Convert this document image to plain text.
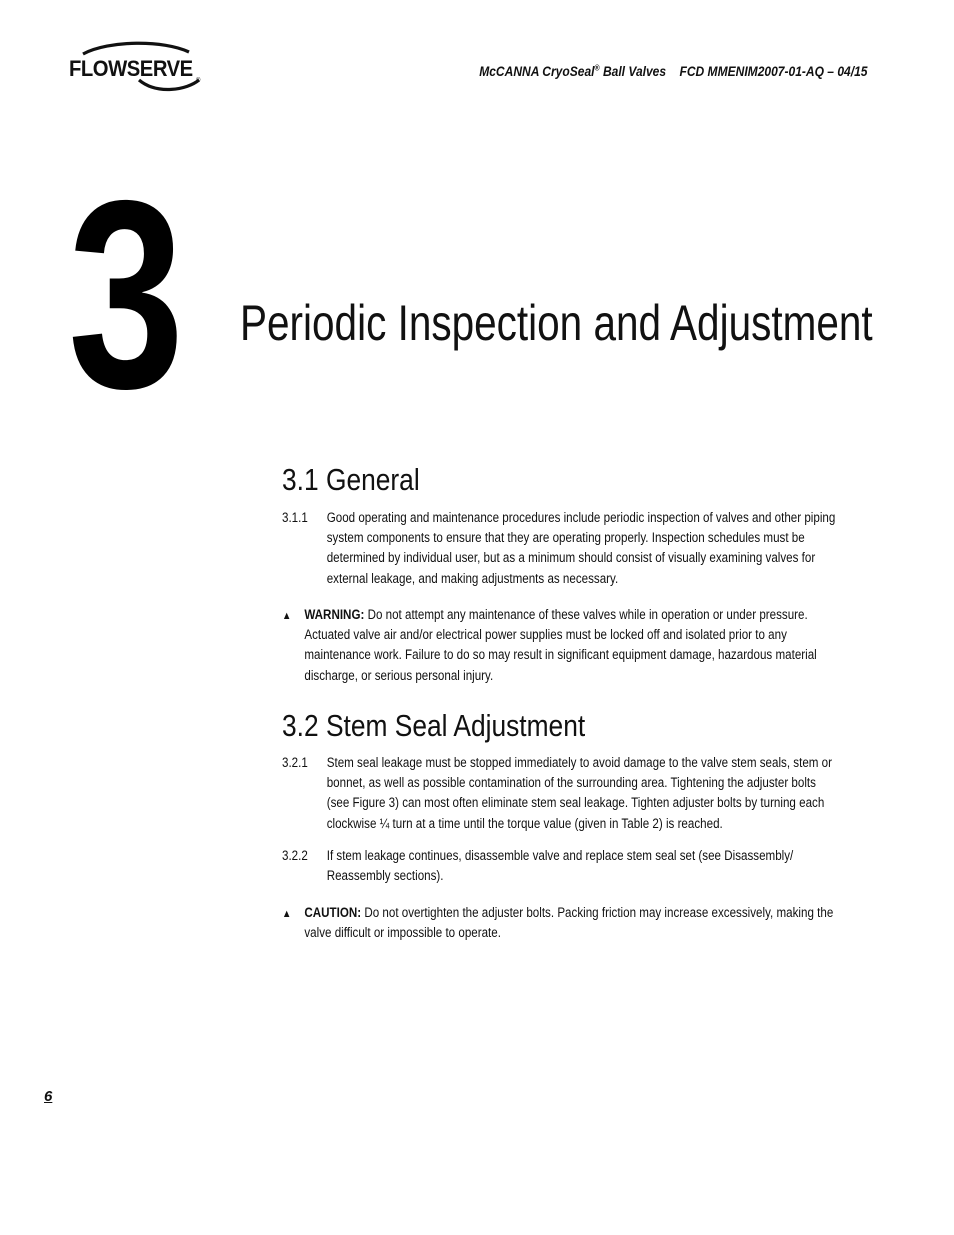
FLOWSERVE ®
McCANNA CryoSeal® Ball Valves    FCD MMENIM2007-01-AQ – 04/15
3 Periodic Inspection and Adjustment
3.1 General
3.1.1 Good operating and maintenance procedures include periodic inspection of valves and other piping system components to ensure that they are operating properly. Inspection schedules must be determined by individual user, but as a minimum should consist of visually examining valves for external leakage, and making adjustments as necessary.
▲ WARNING: Do not attempt any maintenance of these valves while in operation or under pressure. Actuated valve air and/or electrical power supplies must be locked off and isolated prior to any maintenance work. Failure to do so may result in significant equipment damage, hazardous material discharge, or serious personal injury.
3.2 Stem Seal Adjustment
3.2.1 Stem seal leakage must be stopped immediately to avoid damage to the valve stem seals, stem or bonnet, as well as possible contamination of the surrounding area. Tightening the adjuster bolts (see Figure 3) can most often eliminate stem seal leakage. Tighten adjuster bolts by turning each clockwise ¼ turn at a time until the torque value (given in Table 2) is reached.
3.2.2 If stem leakage continues, disassemble valve and replace stem seal set (see Disassembly/ Reassembly sections).
▲ CAUTION: Do not overtighten the adjuster bolts. Packing friction may increase excessively, making the valve difficult or impossible to operate.
6
